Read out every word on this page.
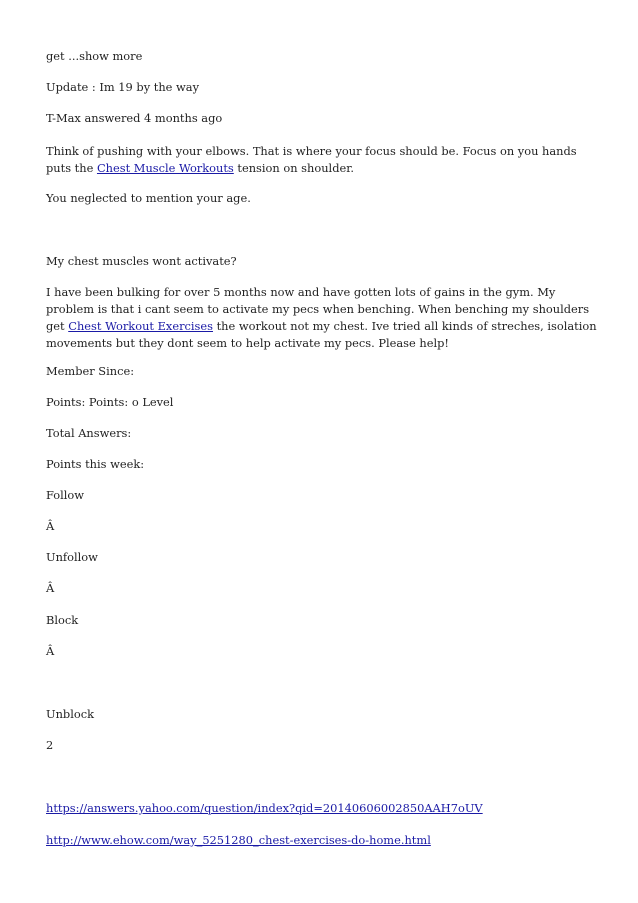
get ...show more

Update : Im 19 by the way

T-Max answered 4 months ago

Think of pushing with your elbows. That is where your focus should be. Focus on you hands puts the Chest Muscle Workouts tension on shoulder.

You neglected to mention your age.

My chest muscles wont activate?

I have been bulking for over 5 months now and have gotten lots of gains in the gym. My problem is that i cant seem to activate my pecs when benching. When benching my shoulders get Chest Workout Exercises the workout not my chest. Ive tried all kinds of streches, isolation movements but they dont seem to help activate my pecs. Please help!

Member Since:

Points: Points: o Level

Total Answers:

Points this week:

Follow

Â

Unfollow

Â

Block

Â

Unblock

2

https://answers.yahoo.com/question/index?qid=20140606002850AAH7oUV

http://www.ehow.com/way_5251280_chest-exercises-do-home.html
